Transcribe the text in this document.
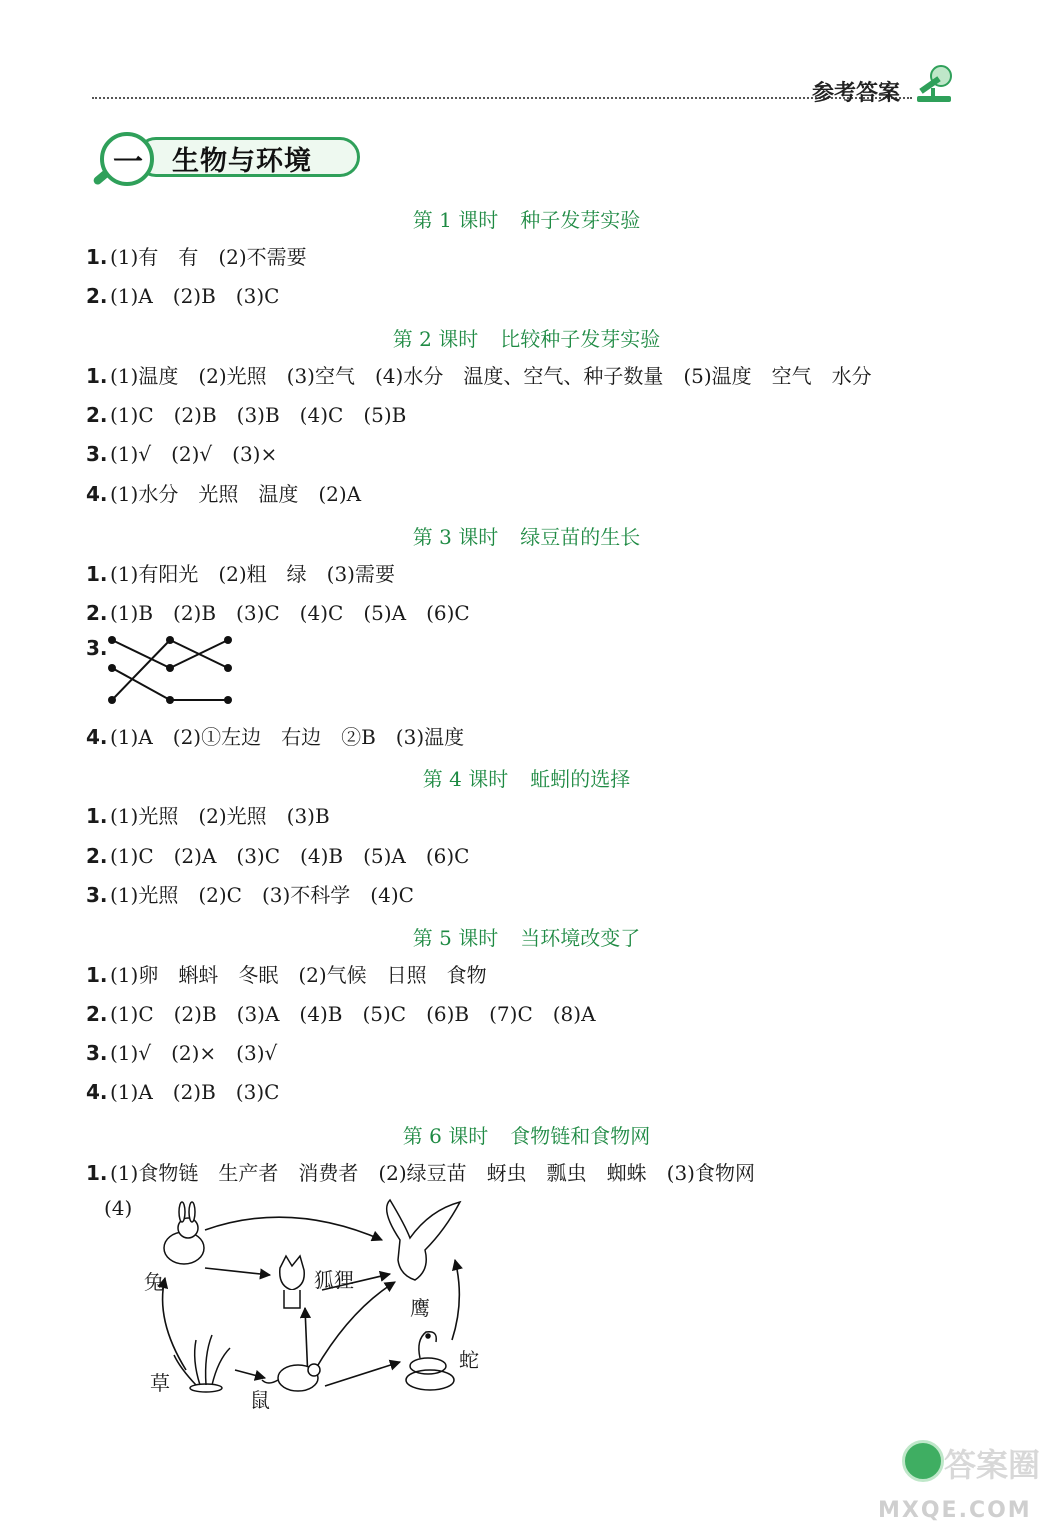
参考答案
一 生物与环境
第 1 课时 种子发芽实验
1. (1)有　有　(2)不需要
2. (1)A　(2)B　(3)C
第 2 课时 比较种子发芽实验
1. (1)温度　(2)光照　(3)空气　(4)水分　温度、空气、种子数量　(5)温度　空气　水分
2. (1)C　(2)B　(3)B　(4)C　(5)B
3. (1)√　(2)√　(3)×
4. (1)水分　光照　温度　(2)A
第 3 课时 绿豆苗的生长
1. (1)有阳光　(2)粗　绿　(3)需要
2. (1)B　(2)B　(3)C　(4)C　(5)A　(6)C
3.
4. (1)A　(2)①左边　右边　②B　(3)温度
第 4 课时 蚯蚓的选择
1. (1)光照　(2)光照　(3)B
2. (1)C　(2)A　(3)C　(4)B　(5)A　(6)C
3. (1)光照　(2)C　(3)不科学　(4)C
第 5 课时 当环境改变了
1. (1)卵　蝌蚪　冬眠　(2)气候　日照　食物
2. (1)C　(2)B　(3)A　(4)B　(5)C　(6)B　(7)C　(8)A
3. (1)√　(2)×　(3)√
4. (1)A　(2)B　(3)C
第 6 课时 食物链和食物网
1. (1)食物链　生产者　消费者　(2)绿豆苗　蚜虫　瓢虫　蜘蛛　(3)食物网
(4)
兔	狐狸
鹰
草
鼠
蛇
答案圈
MXQE.COM
